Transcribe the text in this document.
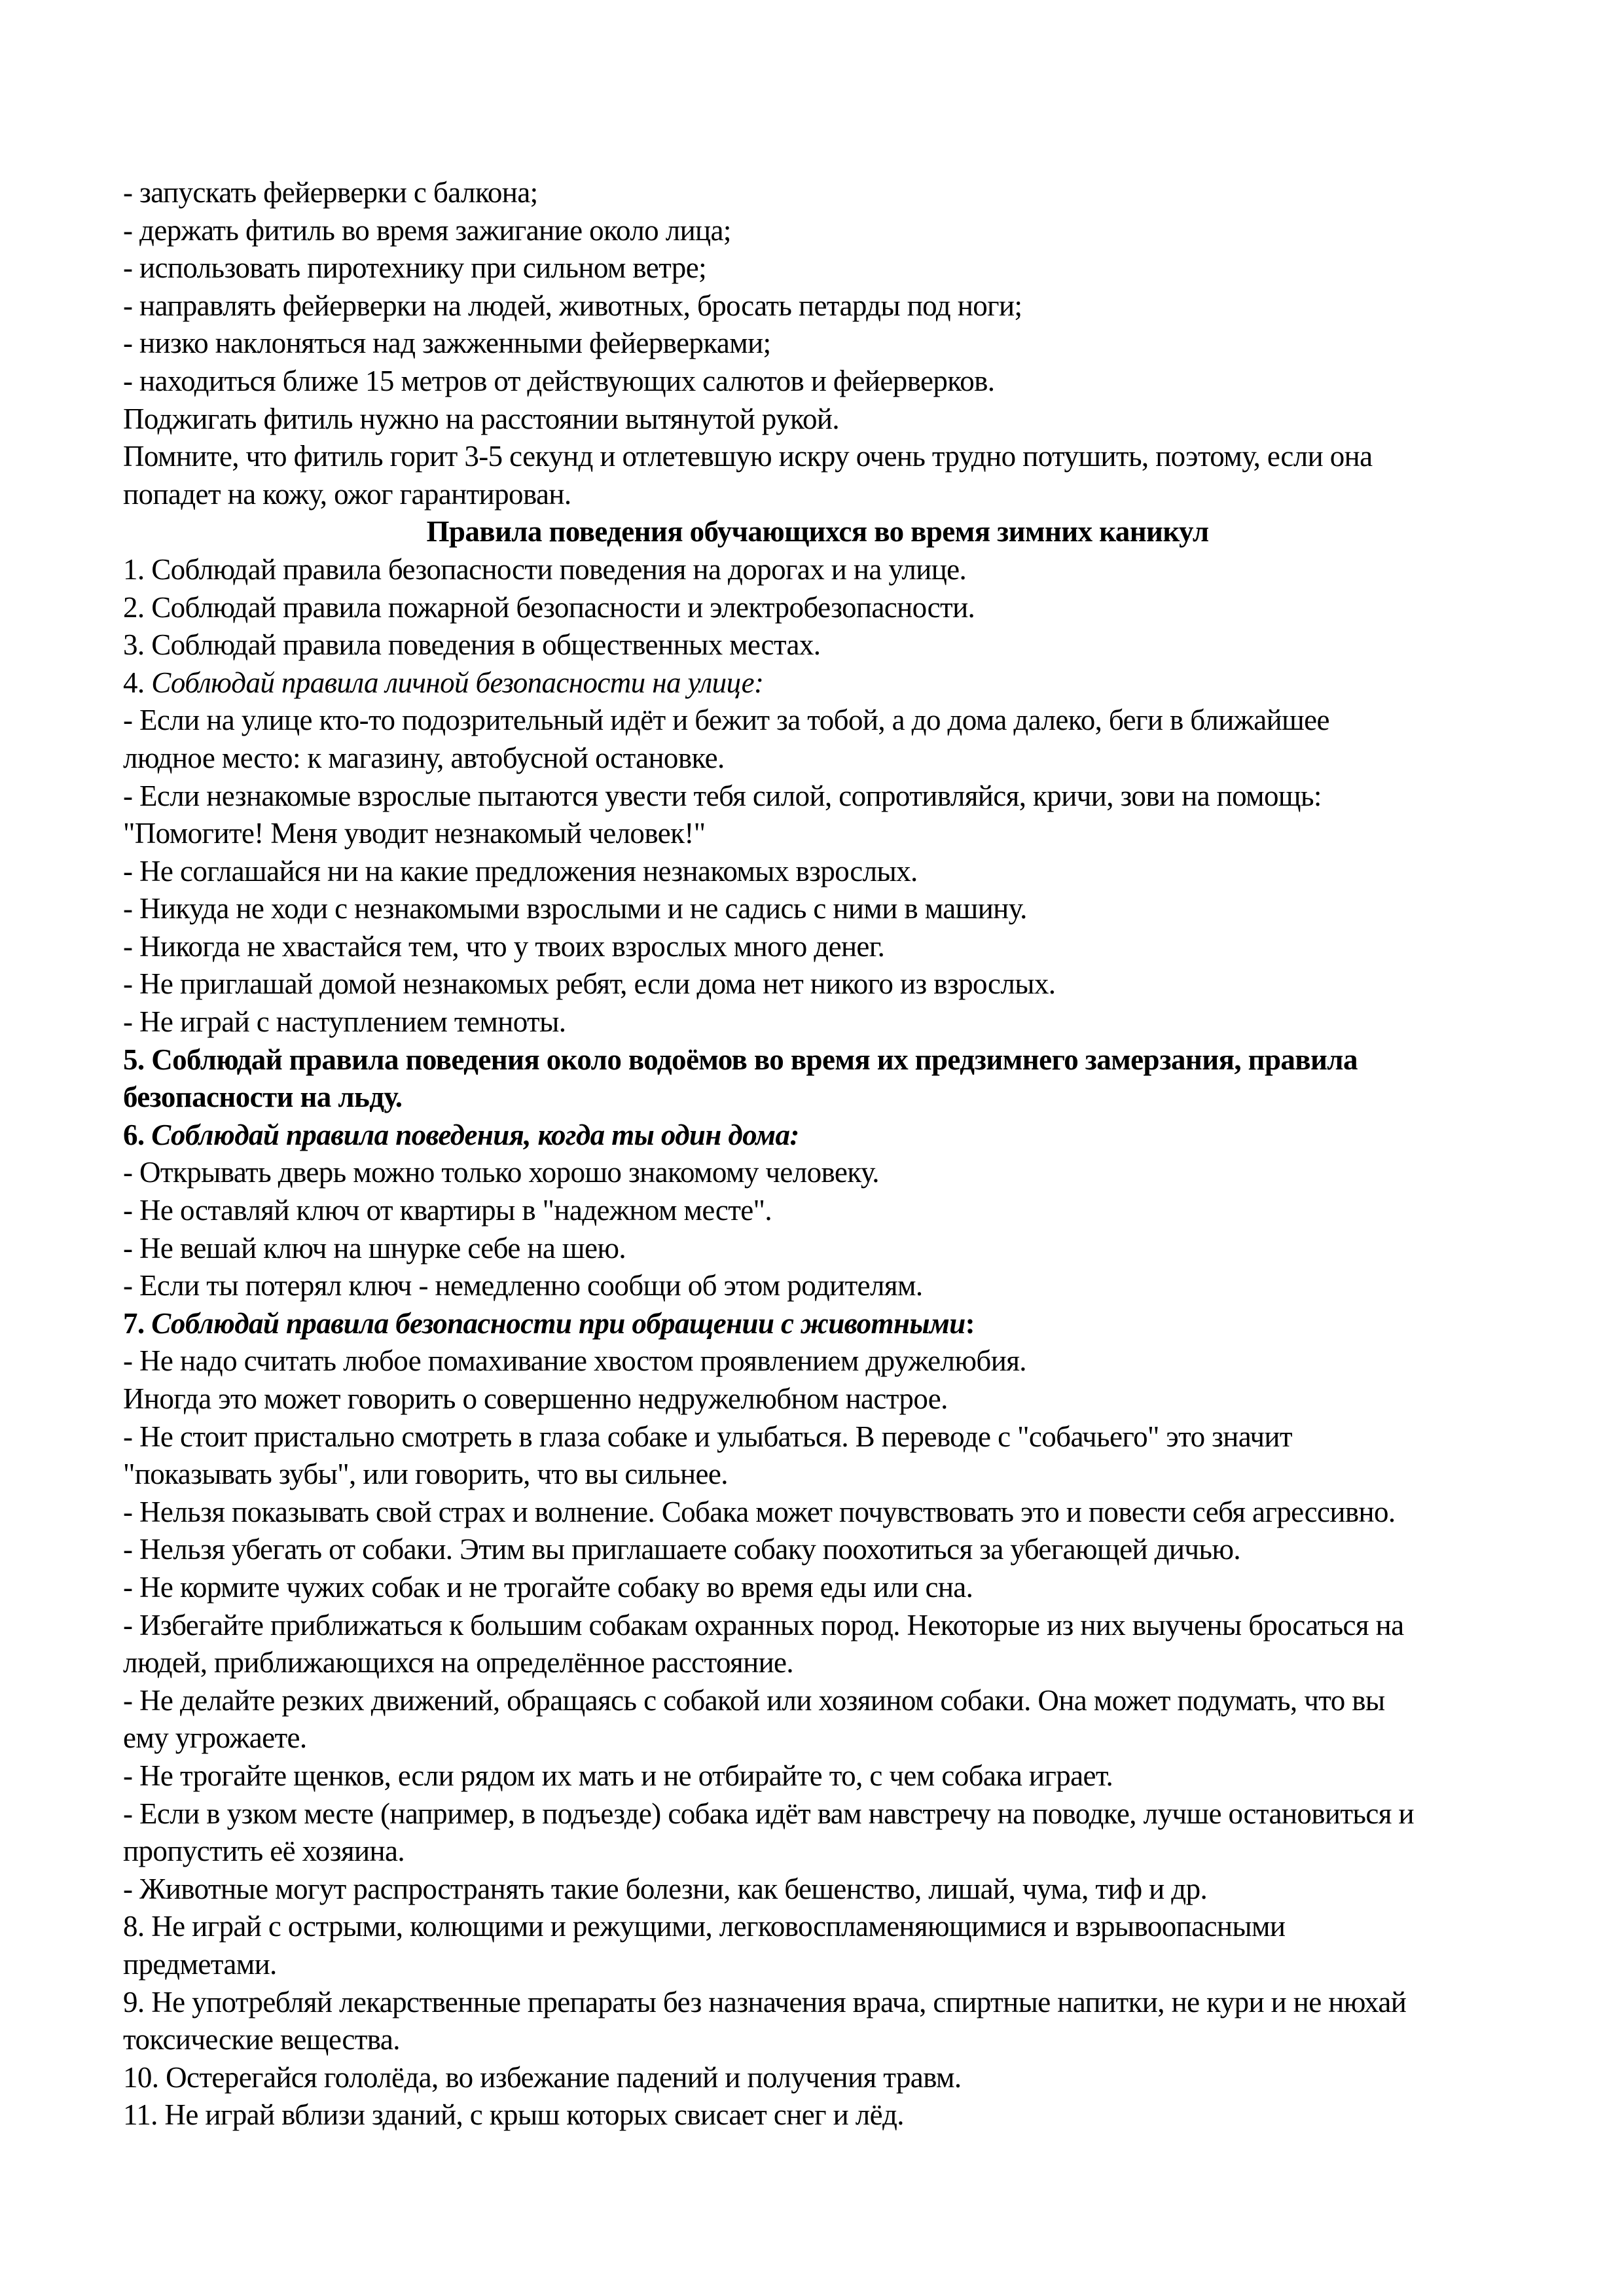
- запускать фейерверки с балкона;
- держать фитиль во время зажигание около лица;
- использовать пиротехнику при сильном ветре;
- направлять фейерверки на людей, животных, бросать петарды под ноги;
- низко наклоняться над зажженными фейерверками;
- находиться ближе 15 метров от действующих салютов и фейерверков.
Поджигать фитиль нужно на расстоянии вытянутой рукой.
Помните, что фитиль горит 3-5 секунд и отлетевшую искру очень трудно потушить, поэтому, если она
попадет на кожу, ожог гарантирован.
Правила поведения обучающихся во время зимних каникул
1. Соблюдай правила безопасности поведения на дорогах и на улице.
2. Соблюдай правила пожарной безопасности и электробезопасности.
3. Соблюдай правила поведения в общественных местах.
4. Соблюдай правила личной безопасности на улице:
- Если на улице кто-то подозрительный идёт и бежит за тобой, а до дома далеко, беги в ближайшее
людное место: к магазину, автобусной остановке.
- Если незнакомые взрослые пытаются увести тебя силой, сопротивляйся, кричи, зови на помощь:
"Помогите! Меня уводит незнакомый человек!"
- Не соглашайся ни на какие предложения незнакомых взрослых.
- Никуда не ходи с незнакомыми взрослыми и не садись с ними в машину.
- Никогда не хвастайся тем, что у твоих взрослых много денег.
- Не приглашай домой незнакомых ребят, если дома нет никого из взрослых.
- Не играй с наступлением темноты.
5. Соблюдай правила поведения около водоёмов во время их предзимнего замерзания, правила
безопасности на льду.
6. Соблюдай правила поведения, когда ты один дома:
- Открывать дверь можно только хорошо знакомому человеку.
- Не оставляй ключ от квартиры в "надежном месте".
- Не вешай ключ на шнурке себе на шею.
- Если ты потерял ключ - немедленно сообщи об этом родителям.
7. Соблюдай правила безопасности при обращении с животными:
- Не надо считать любое помахивание хвостом проявлением дружелюбия.
Иногда это может говорить о совершенно недружелюбном настрое.
- Не стоит пристально смотреть в глаза собаке и улыбаться. В переводе с "собачьего" это значит
"показывать зубы", или говорить, что вы сильнее.
- Нельзя показывать свой страх и волнение. Собака может почувствовать это и повести себя агрессивно.
- Нельзя убегать от собаки. Этим вы приглашаете собаку поохотиться за убегающей дичью.
- Не кормите чужих собак и не трогайте собаку во время еды или сна.
- Избегайте приближаться к большим собакам охранных пород. Некоторые из них выучены бросаться на
людей, приближающихся на определённое расстояние.
- Не делайте резких движений, обращаясь с собакой или хозяином собаки. Она может подумать, что вы
ему угрожаете.
- Не трогайте щенков, если рядом их мать и не отбирайте то, с чем собака играет.
- Если в узком месте (например, в подъезде) собака идёт вам навстречу на поводке, лучше остановиться и
пропустить её хозяина.
- Животные могут распространять такие болезни, как бешенство, лишай, чума, тиф и др.
8. Не играй с острыми, колющими и режущими, легковоспламеняющимися и взрывоопасными
предметами.
9. Не употребляй лекарственные препараты без назначения врача, спиртные напитки, не кури и не нюхай
токсические вещества.
10. Остерегайся гололёда, во избежание падений и получения травм.
11. Не играй вблизи зданий, с крыш которых свисает снег и лёд.
